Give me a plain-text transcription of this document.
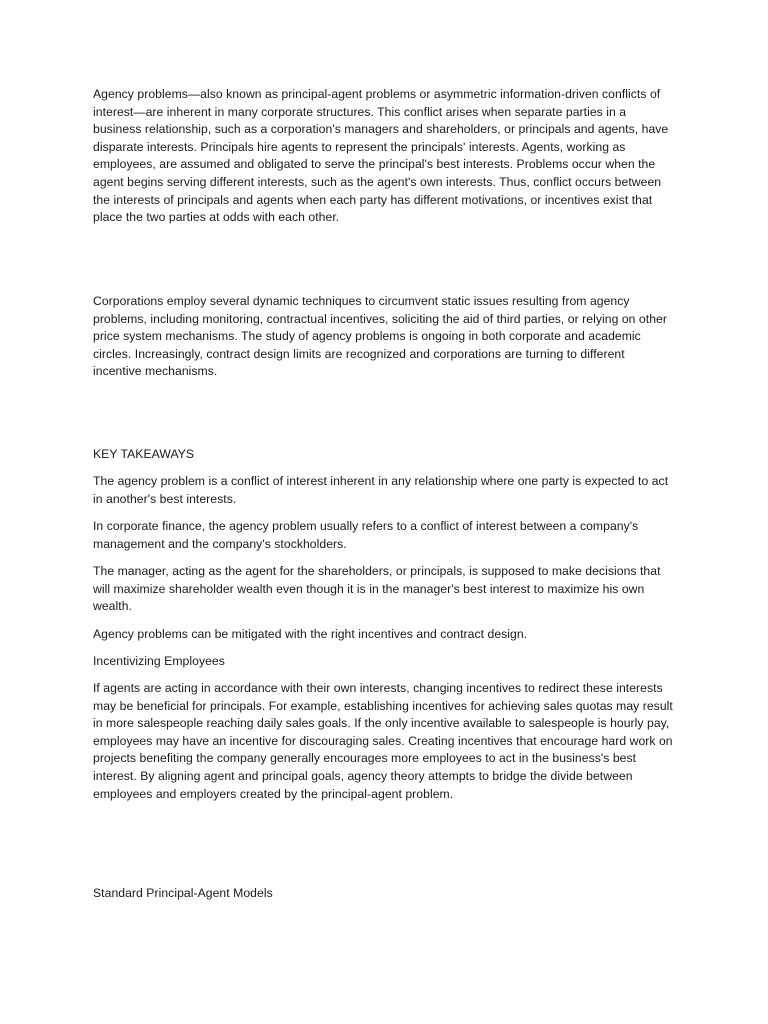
Agency problems—also known as principal-agent problems or asymmetric information-driven conflicts of interest—are inherent in many corporate structures. This conflict arises when separate parties in a business relationship, such as a corporation's managers and shareholders, or principals and agents, have disparate interests. Principals hire agents to represent the principals' interests. Agents, working as employees, are assumed and obligated to serve the principal's best interests. Problems occur when the agent begins serving different interests, such as the agent's own interests. Thus, conflict occurs between the interests of principals and agents when each party has different motivations, or incentives exist that place the two parties at odds with each other.

Corporations employ several dynamic techniques to circumvent static issues resulting from agency problems, including monitoring, contractual incentives, soliciting the aid of third parties, or relying on other price system mechanisms. The study of agency problems is ongoing in both corporate and academic circles. Increasingly, contract design limits are recognized and corporations are turning to different incentive mechanisms.

KEY TAKEAWAYS

The agency problem is a conflict of interest inherent in any relationship where one party is expected to act in another's best interests.

In corporate finance, the agency problem usually refers to a conflict of interest between a company's management and the company's stockholders.

The manager, acting as the agent for the shareholders, or principals, is supposed to make decisions that will maximize shareholder wealth even though it is in the manager's best interest to maximize his own wealth.

Agency problems can be mitigated with the right incentives and contract design.

Incentivizing Employees

If agents are acting in accordance with their own interests, changing incentives to redirect these interests may be beneficial for principals. For example, establishing incentives for achieving sales quotas may result in more salespeople reaching daily sales goals. If the only incentive available to salespeople is hourly pay, employees may have an incentive for discouraging sales. Creating incentives that encourage hard work on projects benefiting the company generally encourages more employees to act in the business's best interest. By aligning agent and principal goals, agency theory attempts to bridge the divide between employees and employers created by the principal-agent problem.

Standard Principal-Agent Models
